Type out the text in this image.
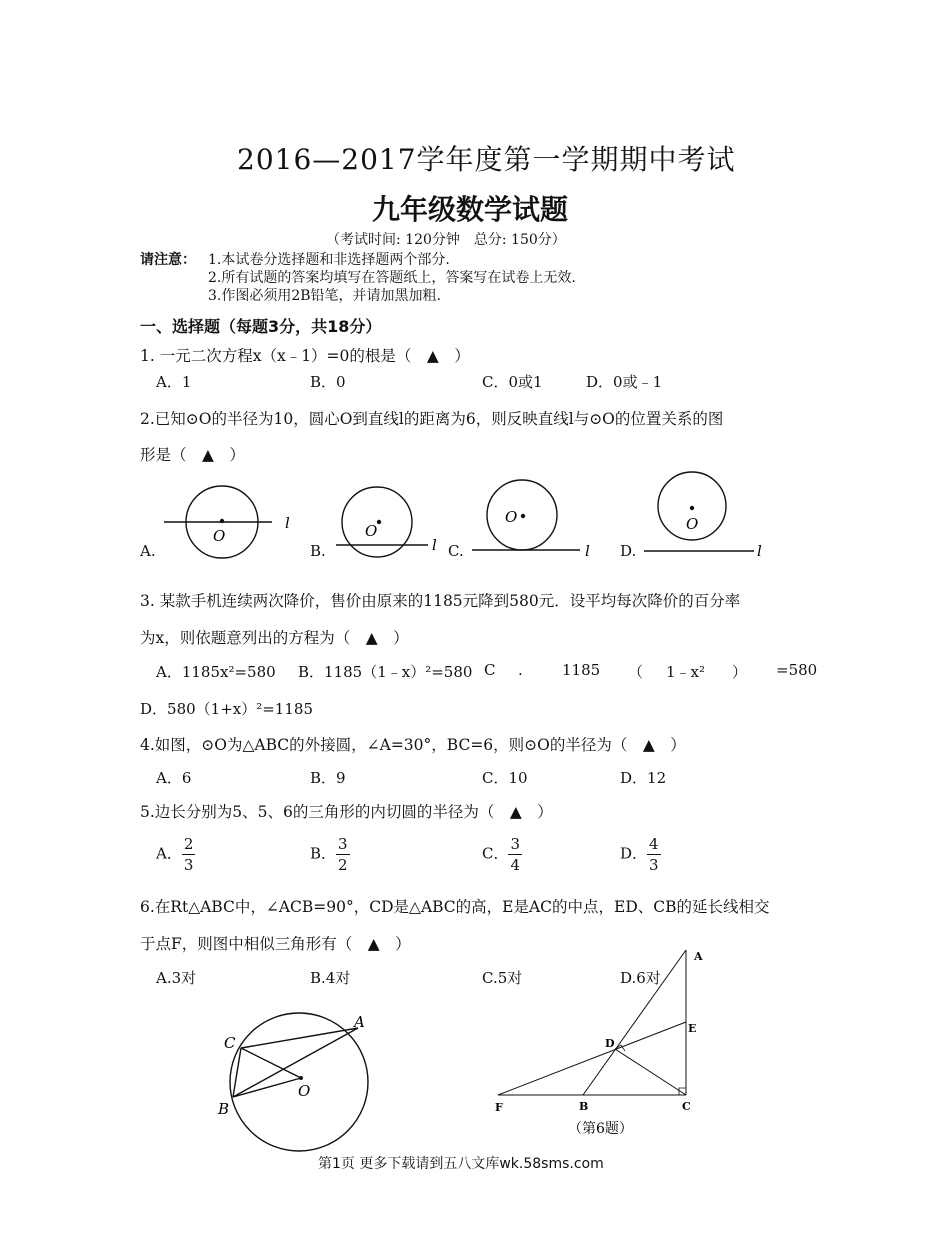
2016—2017学年度第一学期期中考试
九年级数学试题
（考试时间: 120分钟　总分: 150分）
请注意： 1.本试卷分选择题和非选择题两个部分.
2.所有试题的答案均填写在答题纸上，答案写在试卷上无效.
3.作图必须用2B铅笔，并请加黑加粗.
一、选择题（每题3分，共18分）
1. 一元二次方程x（x﹣1）=0的根是（　▲　）
A．1	B．0	C．0或1	D．0或﹣1
2.已知⊙O的半径为10，圆心O到直线l的距离为6，则反映直线l与⊙O的位置关系的图
形是（　▲　）
O
l	O
l
O
l
O
l
A.	B.	C.	D.
3. 某款手机连续两次降价，售价由原来的1185元降到580元．设平均每次降价的百分率
为x，则依题意列出的方程为（　▲　）
A．1185x²=580 B．1185（1﹣x）²=580 C .	1185 （ 1﹣x² ） =580
D．580（1+x）²=1185
4.如图，⊙O为△ABC的外接圆，∠A=30°，BC=6，则⊙O的半径为（　▲　）
A．6	B．9	C．10	D．12
5.边长分别为5、5、6的三角形的内切圆的半径为（　▲　）
A． $\frac{2}{3}$	B． $\frac{3}{2}$	C． $\frac{3}{4}$	D． $\frac{4}{3}$
6.在Rt△ABC中，∠ACB=90°，CD是△ABC的高，E是AC的中点，ED、CB的延长线相交
于点F，则图中相似三角形有（　▲　）
A.3对	B.4对	C.5对	D.6对
C
A
B
O
A
E
D
F	B	C
（第6题）
第1页 更多下载请到五八文库wk.58sms.com
